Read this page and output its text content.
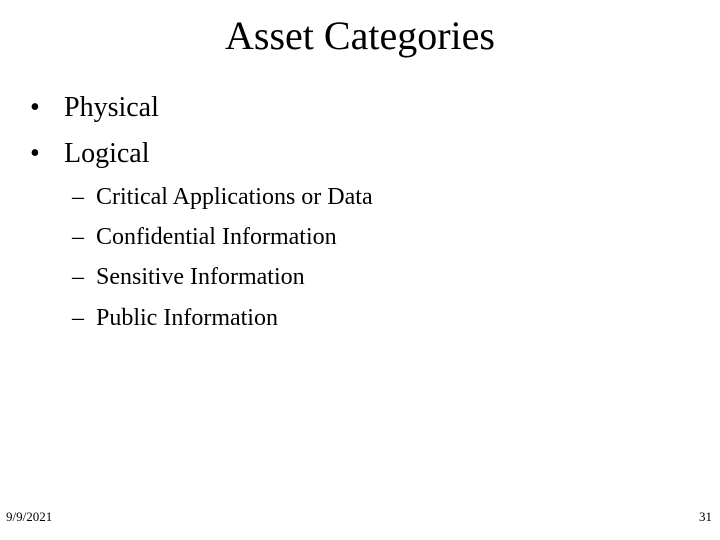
Asset Categories
• Physical
• Logical
– Critical Applications or Data
– Confidential Information
– Sensitive Information
– Public Information
9/9/2021	31
